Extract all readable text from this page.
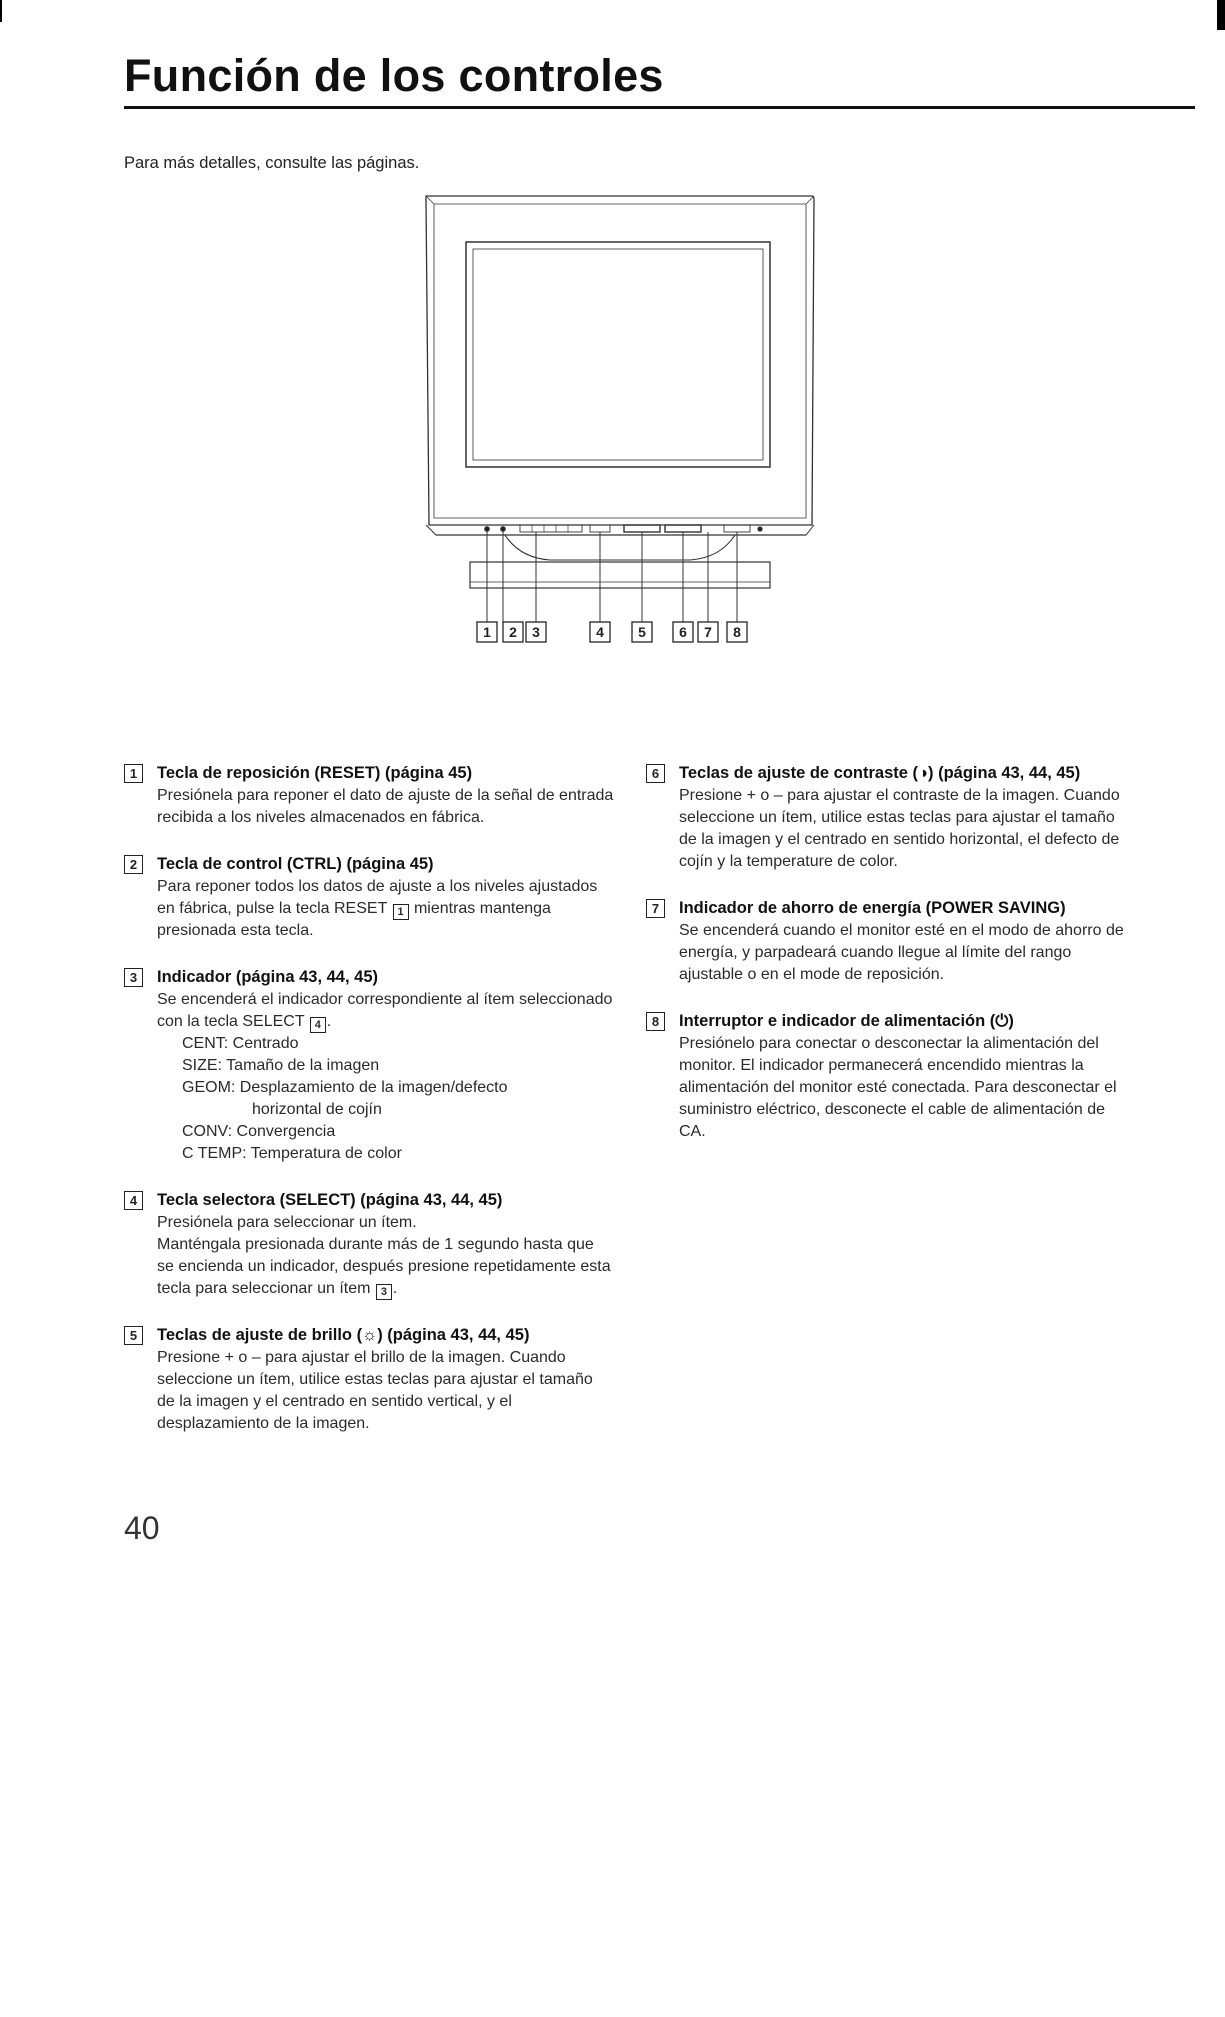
Función de los controles

Para más detalles, consulte las páginas.

1 2 3	4 5 6 7 8
1	Tecla de reposición (RESET) (página 45)

Presiónela para reponer el dato de ajuste de la señal de entrada recibida a los niveles almacenados en fábrica.

2	Tecla de control (CTRL) (página 45)

Para reponer todos los datos de ajuste a los niveles ajustados en fábrica, pulse la tecla RESET 1 mientras mantenga presionada esta tecla.

3	Indicador (página 43, 44, 45)

Se encenderá el indicador correspondiente al ítem seleccionado con la tecla SELECT 4 .

CENT: Centrado

SIZE: Tamaño de la imagen

GEOM: Desplazamiento de la imagen/defecto

horizontal de cojín

CONV: Convergencia

C TEMP: Temperatura de color

4	Tecla selectora (SELECT) (página 43, 44, 45)

Presiónela para seleccionar un ítem.

Manténgala presionada durante más de 1 segundo hasta que se encienda un indicador, después presione repetidamente esta tecla para seleccionar un ítem 3 .

5	Teclas de ajuste de brillo (☼) (página 43, 44, 45)

Presione + o – para ajustar el brillo de la imagen. Cuando seleccione un ítem, utilice estas teclas para ajustar el tamaño de la imagen y el centrado en sentido vertical, y el desplazamiento de la imagen.

6	Teclas de ajuste de contraste (◑) (página 43, 44, 45)

Presione + o – para ajustar el contraste de la imagen. Cuando seleccione un ítem, utilice estas teclas para ajustar el tamaño de la imagen y el centrado en sentido horizontal, el defecto de cojín y la temperature de color.

7	Indicador de ahorro de energía (POWER SAVING)

Se encenderá cuando el monitor esté en el modo de ahorro de energía, y parpadeará cuando llegue al límite del rango ajustable o en el mode de reposición.

8	Interruptor e indicador de alimentación (⏻)

Presiónelo para conectar o desconectar la alimentación del monitor. El indicador permanecerá encendido mientras la alimentación del monitor esté conectada. Para desconectar el suministro eléctrico, desconecte el cable de alimentación de CA.

40
